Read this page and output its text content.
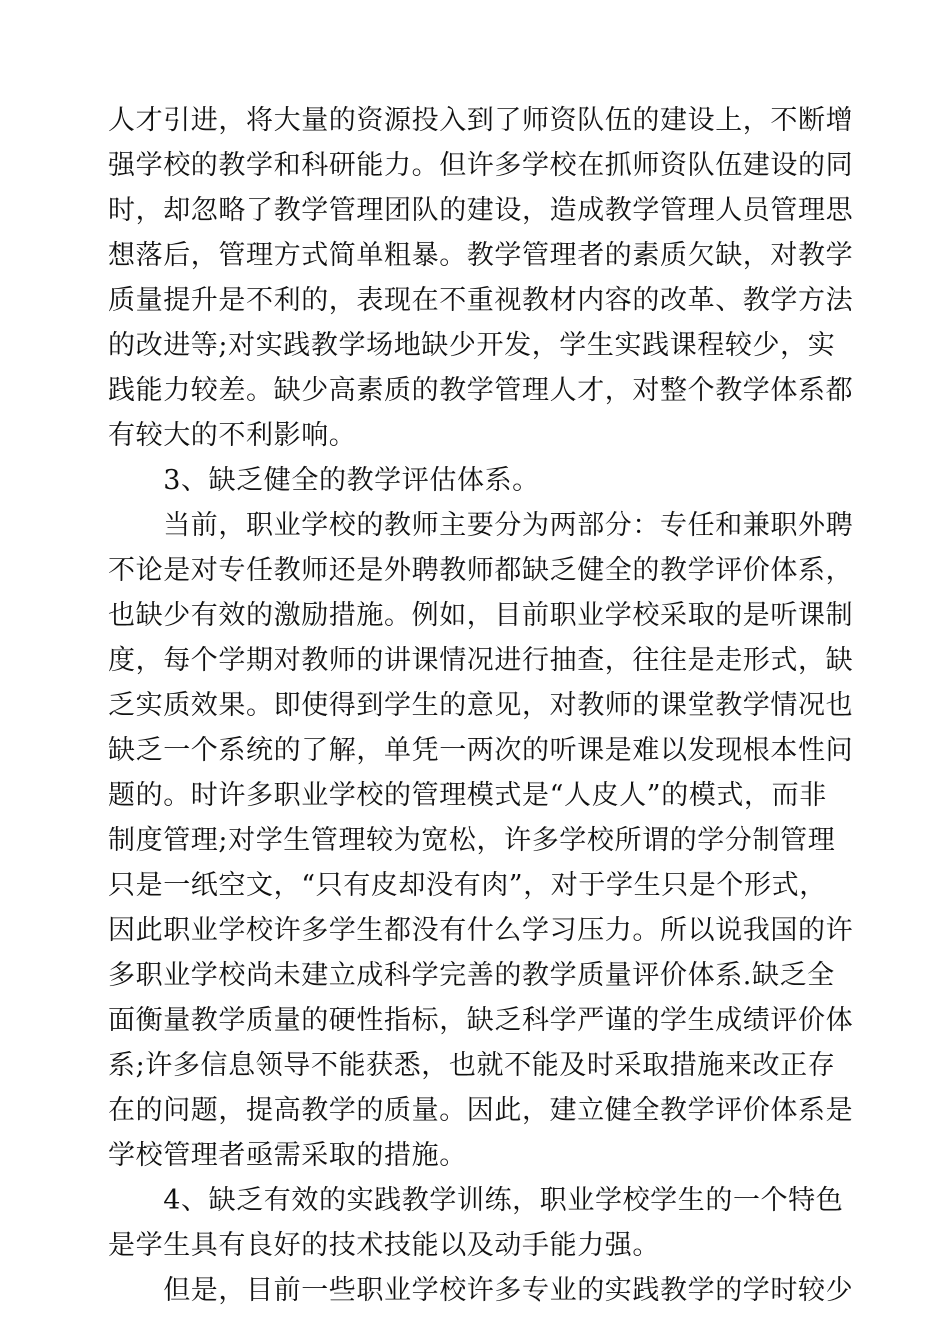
人才引进，将大量的资源投入到了师资队伍的建设上，不断增
强学校的教学和科研能力。但许多学校在抓师资队伍建设的同
时，却忽略了教学管理团队的建设，造成教学管理人员管理思
想落后，管理方式简单粗暴。教学管理者的素质欠缺，对教学
质量提升是不利的，表现在不重视教材内容的改革、教学方法
的改进等;对实践教学场地缺少开发，学生实践课程较少，实
践能力较差。缺少高素质的教学管理人才，对整个教学体系都
有较大的不利影响。
　　3、缺乏健全的教学评估体系。
　　当前，职业学校的教师主要分为两部分：专任和兼职外聘
不论是对专任教师还是外聘教师都缺乏健全的教学评价体系，
也缺少有效的激励措施。例如，目前职业学校采取的是听课制
度，每个学期对教师的讲课情况进行抽查，往往是走形式，缺
乏实质效果。即使得到学生的意见，对教师的课堂教学情况也
缺乏一个系统的了解，单凭一两次的听课是难以发现根本性问
题的。时许多职业学校的管理模式是“人皮人”的模式，而非
制度管理;对学生管理较为宽松，许多学校所谓的学分制管理
只是一纸空文，“只有皮却没有肉”，对于学生只是个形式，
因此职业学校许多学生都没有什么学习压力。所以说我国的许
多职业学校尚未建立成科学完善的教学质量评价体系.缺乏全
面衡量教学质量的硬性指标，缺乏科学严谨的学生成绩评价体
系;许多信息领导不能获悉，也就不能及时采取措施来改正存
在的问题，提高教学的质量。因此，建立健全教学评价体系是
学校管理者亟需采取的措施。
　　4、缺乏有效的实践教学训练，职业学校学生的一个特色
是学生具有良好的技术技能以及动手能力强。
　　但是，目前一些职业学校许多专业的实践教学的学时较少
